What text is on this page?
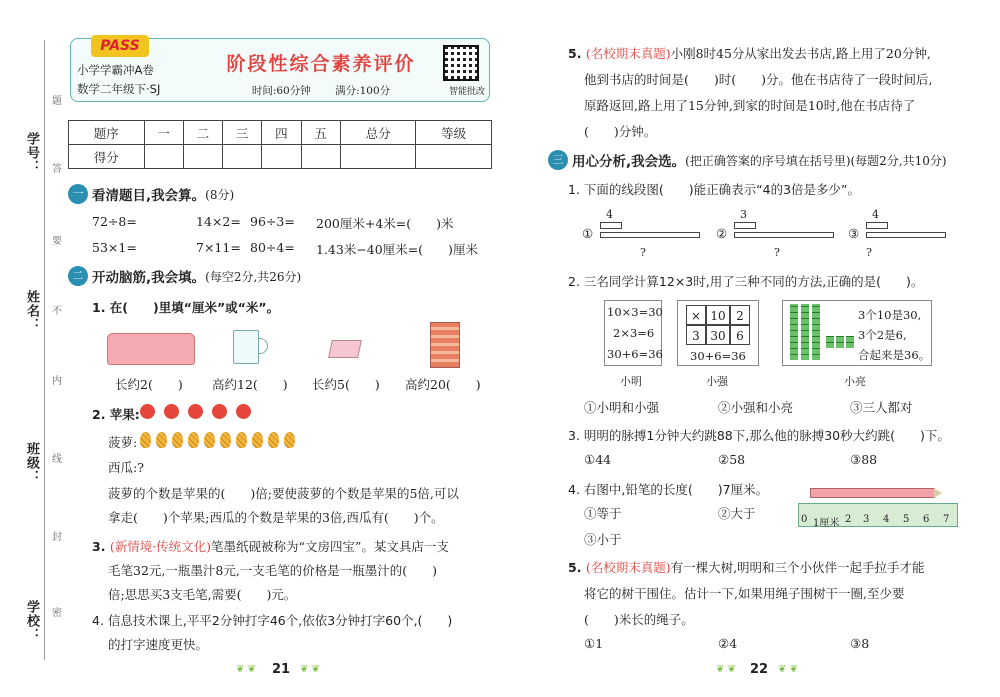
学号：
姓名：
班级：
学校：
题
答
要
不
内
线
封
密
PASS
小学学霸冲A卷
数学二年级下·SJ
阶段性综合素养评价
时间:60分钟　　 满分:100分	智能批改
题序	一	二	三	四	五	总分	等级
得分							
一 看清题目,我会算。 (8分)
72÷8=	14×2= 96÷3= 200厘米+4米=(　　)米
53×1=	7×11= 80÷4= 1.43米−40厘米=(　　)厘米
二 开动脑筋,我会填。 (每空2分,共26分)
1. 在(　　)里填“厘米”或“米”。
长约2(　　) 高约12(　　) 长约5(　　) 高约20(　　)
2. 苹果:
菠萝:
西瓜:?
菠萝的个数是苹果的(　　)倍;要使菠萝的个数是苹果的5倍,可以
拿走(　　)个苹果;西瓜的个数是苹果的3倍,西瓜有(　　)个。
3. (新情境·传统文化)笔墨纸砚被称为“文房四宝”。某文具店一支
毛笔32元,一瓶墨汁8元,一支毛笔的价格是一瓶墨汁的(　　)
倍;思思买3支毛笔,需要(　　)元。
4. 信息技术课上,平平2分钟打字46个,依依3分钟打字60个,(　　)
的打字速度更快。
❦ ❦ 21 ❦ ❦
5. (名校期末真题)小刚8时45分从家出发去书店,路上用了20分钟,
他到书店的时间是(　　)时(　　)分。他在书店待了一段时间后,
原路返回,路上用了15分钟,到家的时间是10时,他在书店待了
(　　)分钟。
三 用心分析,我会选。 (把正确答案的序号填在括号里)(每题2分,共10分)
1. 下面的线段图(　　)能正确表示“4的3倍是多少”。
①
4
?
②
3
?
③
4
?
2. 三名同学计算12×3时,用了三种不同的方法,正确的是(　　)。
10×3=30
2×3=6
30+6=36
× 10 2
3 30 6
30+6=36
3个10是30,
3个2是6,
合起来是36。
小明	小强	小亮
①小明和小强	②小强和小亮	③三人都对
3. 明明的脉搏1分钟大约跳88下,那么他的脉搏30秒大约跳(　　)下。
①44	②58	③88
4. 右图中,铅笔的长度(　　)7厘米。
①等于	②大于
③小于
0 1厘米 2 3 4 5 6 7
5. (名校期末真题)有一棵大树,明明和三个小伙伴一起手拉手才能
将它的树干围住。估计一下,如果用绳子围树干一圈,至少要
(　　)米长的绳子。
①1	②4	③8
❦ ❦ 22 ❦ ❦
